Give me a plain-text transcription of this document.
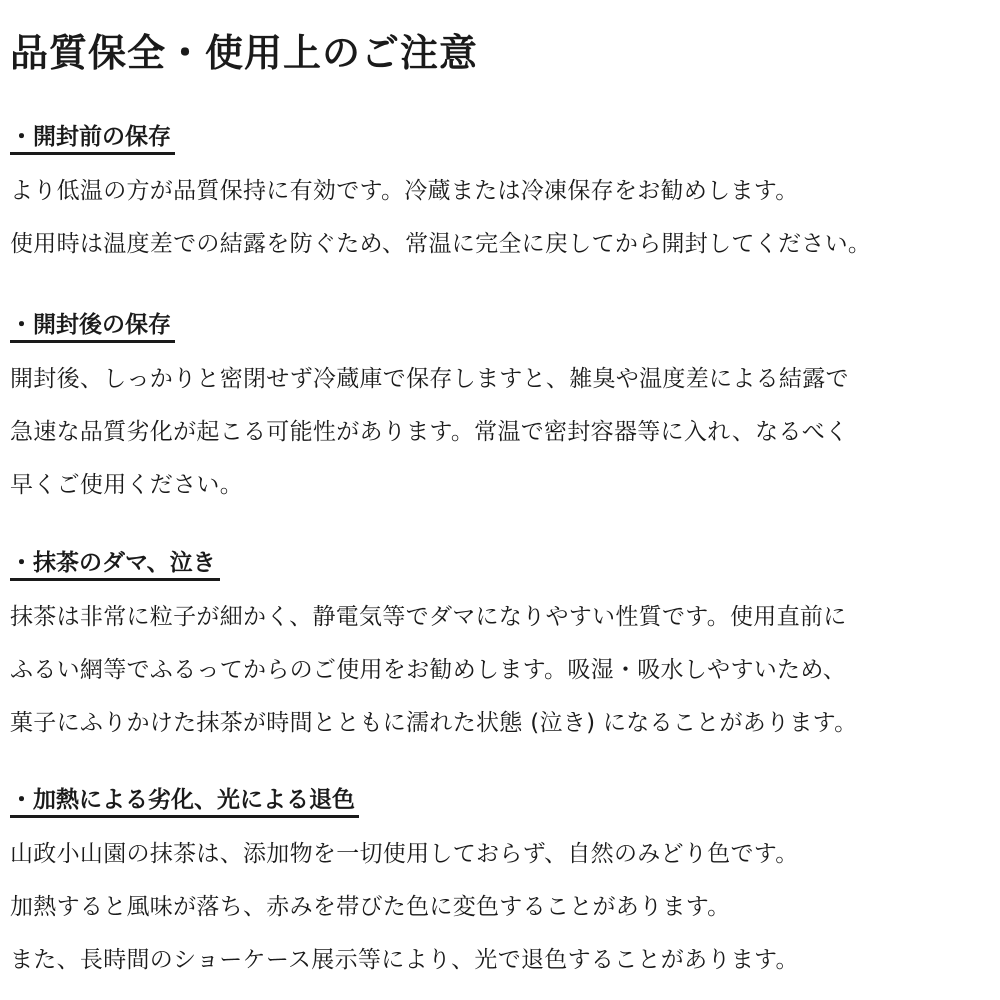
品質保全・使用上のご注意
・開封前の保存
より低温の方が品質保持に有効です。冷蔵または冷凍保存をお勧めします。
使用時は温度差での結露を防ぐため、常温に完全に戻してから開封してください。
・開封後の保存
開封後、しっかりと密閉せず冷蔵庫で保存しますと、雑臭や温度差による結露で
急速な品質劣化が起こる可能性があります。常温で密封容器等に入れ、なるべく
早くご使用ください。
・抹茶のダマ、泣き
抹茶は非常に粒子が細かく、静電気等でダマになりやすい性質です。使用直前に
ふるい網等でふるってからのご使用をお勧めします。吸湿・吸水しやすいため、
菓子にふりかけた抹茶が時間とともに濡れた状態 (泣き) になることがあります。
・加熱による劣化、光による退色
山政小山園の抹茶は、添加物を一切使用しておらず、自然のみどり色です。
加熱すると風味が落ち、赤みを帯びた色に変色することがあります。
また、長時間のショーケース展示等により、光で退色することがあります。
